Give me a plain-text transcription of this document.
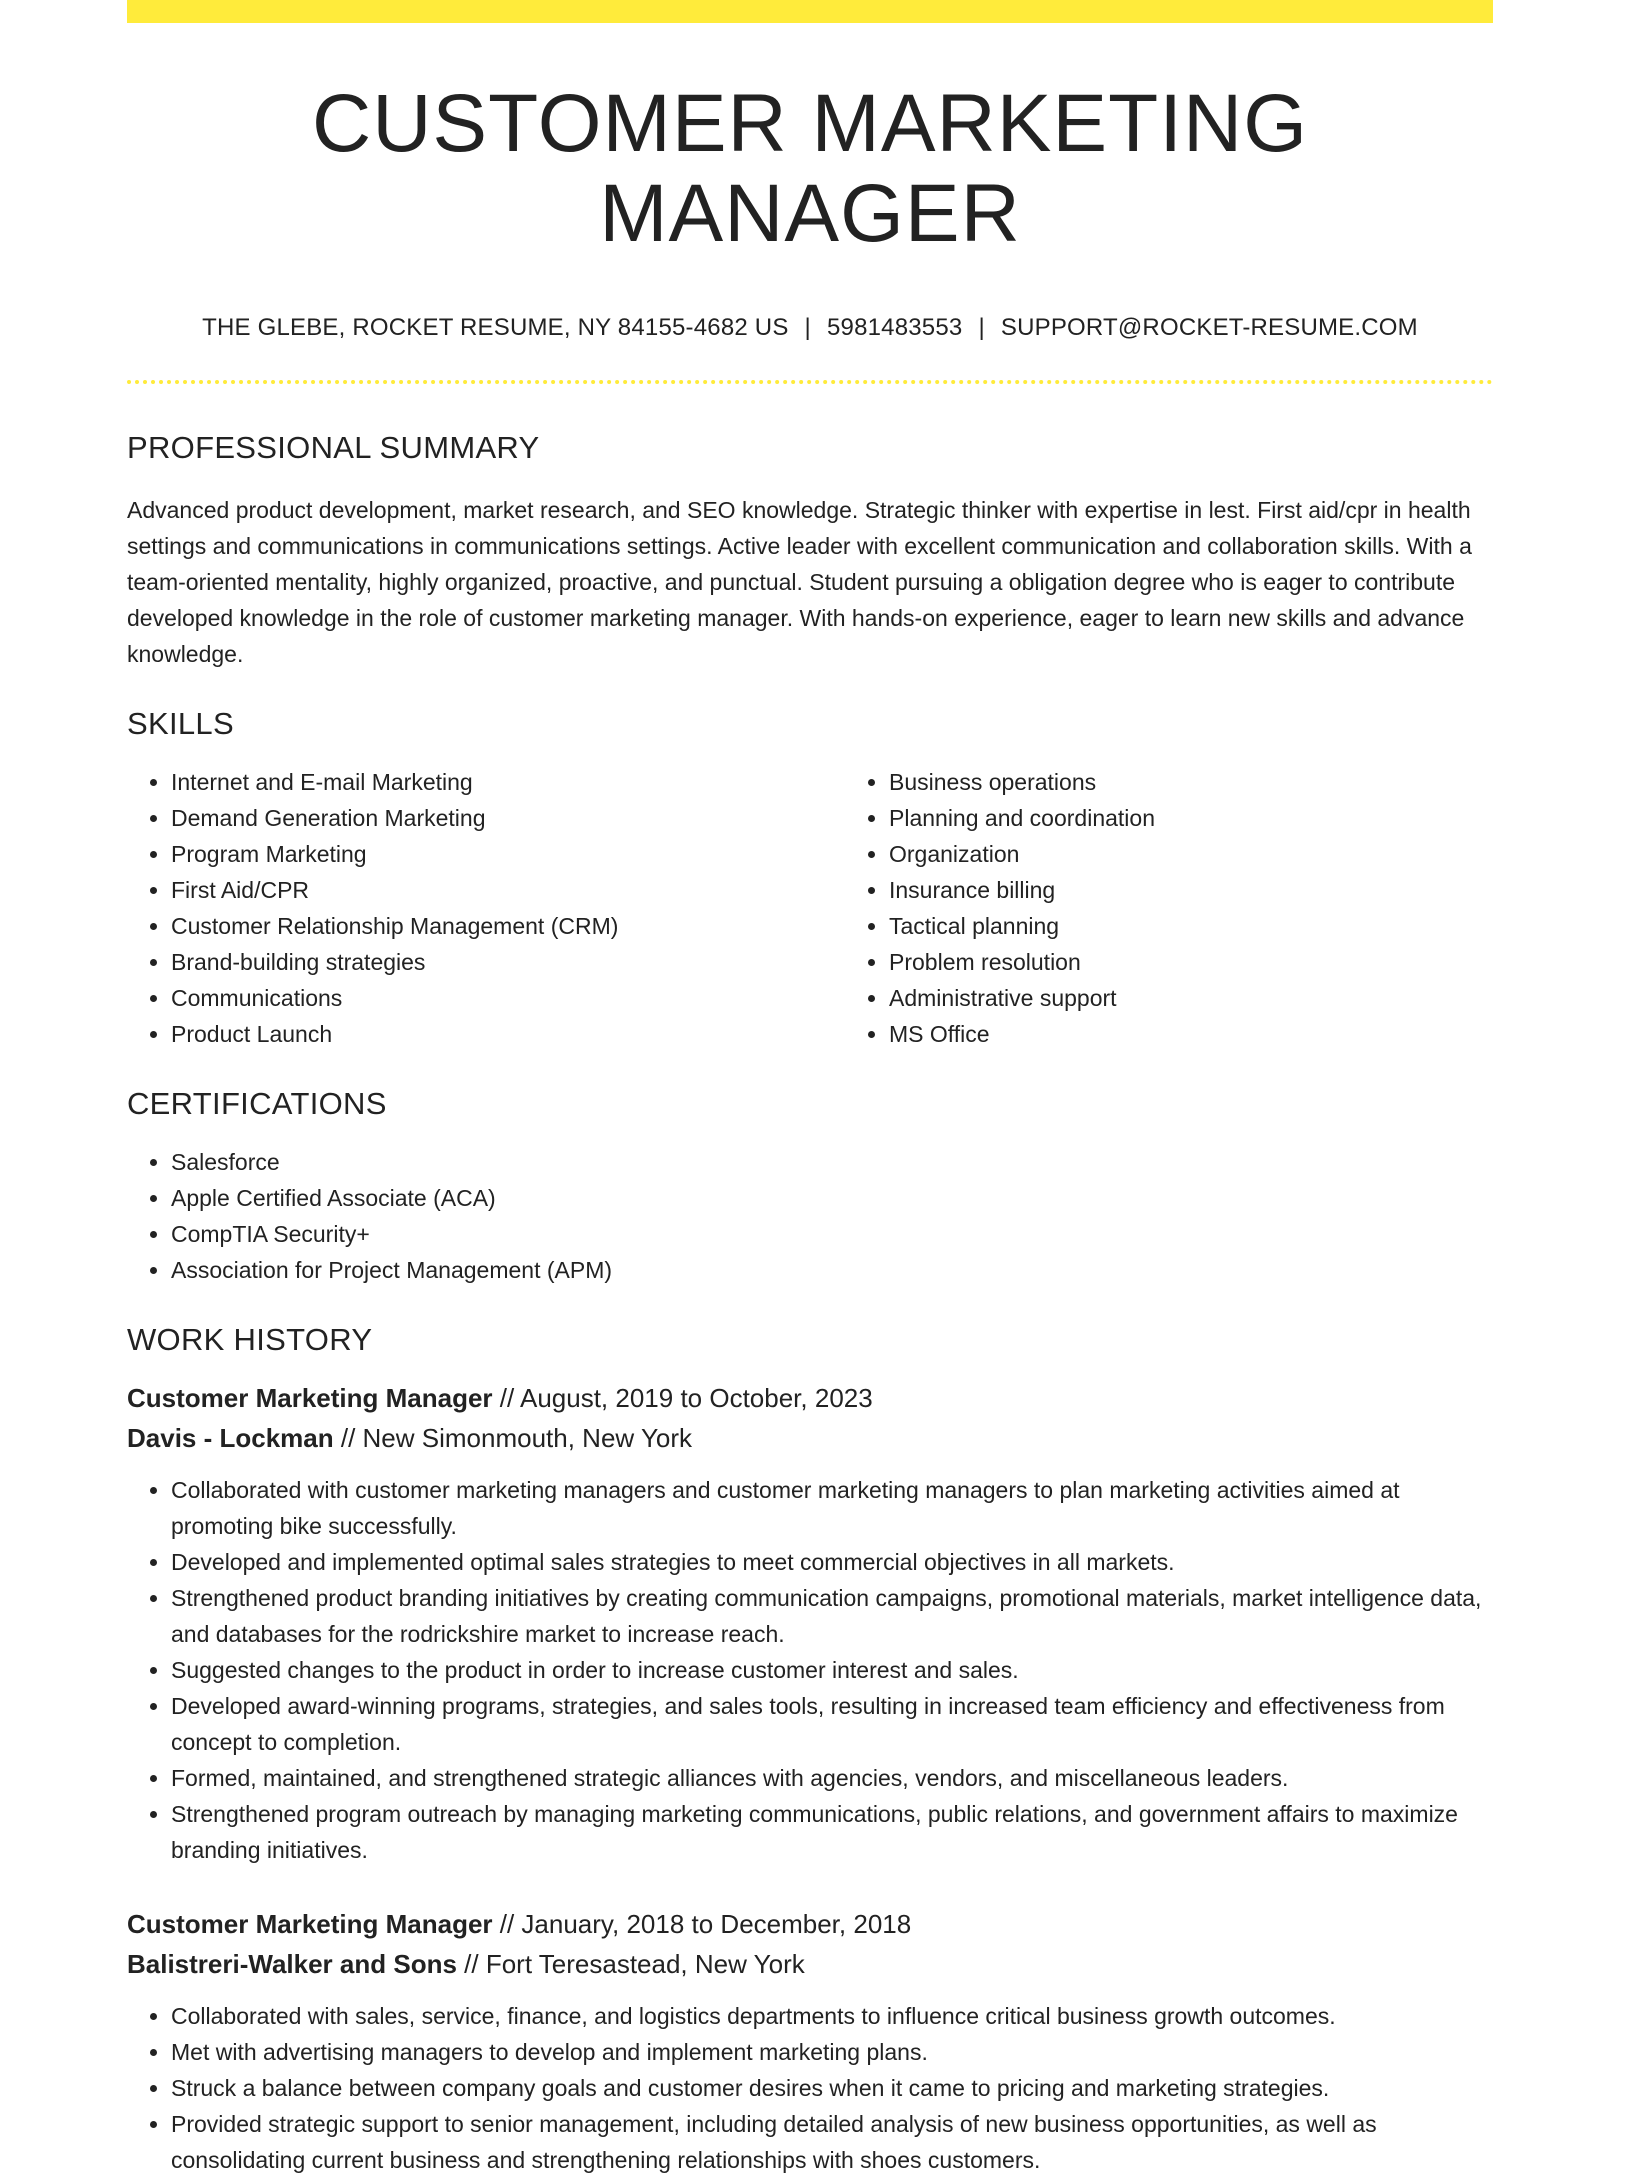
CUSTOMER MARKETING MANAGER
THE GLEBE, ROCKET RESUME, NY 84155-4682 US | 5981483553 | SUPPORT@ROCKET-RESUME.COM
PROFESSIONAL SUMMARY

Advanced product development, market research, and SEO knowledge. Strategic thinker with expertise in lest. First aid/cpr in health settings and communications in communications settings. Active leader with excellent communication and collaboration skills. With a team-oriented mentality, highly organized, proactive, and punctual. Student pursuing a obligation degree who is eager to contribute developed knowledge in the role of customer marketing manager. With hands-on experience, eager to learn new skills and advance knowledge.

SKILLS
• Internet and E-mail Marketing
• Demand Generation Marketing
• Program Marketing
• First Aid/CPR
• Customer Relationship Management (CRM)
• Brand-building strategies
• Communications
• Product Launch
• Business operations
• Planning and coordination
• Organization
• Insurance billing
• Tactical planning
• Problem resolution
• Administrative support
• MS Office
CERTIFICATIONS
• Salesforce
• Apple Certified Associate (ACA)
• CompTIA Security+
• Association for Project Management (APM)
WORK HISTORY
Customer Marketing Manager // August, 2019 to October, 2023
Davis - Lockman // New Simonmouth, New York
• Collaborated with customer marketing managers and customer marketing managers to plan marketing activities aimed at promoting bike successfully.
• Developed and implemented optimal sales strategies to meet commercial objectives in all markets.
• Strengthened product branding initiatives by creating communication campaigns, promotional materials, market intelligence data, and databases for the rodrickshire market to increase reach.
• Suggested changes to the product in order to increase customer interest and sales.
• Developed award-winning programs, strategies, and sales tools, resulting in increased team efficiency and effectiveness from concept to completion.
• Formed, maintained, and strengthened strategic alliances with agencies, vendors, and miscellaneous leaders.
• Strengthened program outreach by managing marketing communications, public relations, and government affairs to maximize branding initiatives.
Customer Marketing Manager // January, 2018 to December, 2018
Balistreri-Walker and Sons // Fort Teresastead, New York
• Collaborated with sales, service, finance, and logistics departments to influence critical business growth outcomes.
• Met with advertising managers to develop and implement marketing plans.
• Struck a balance between company goals and customer desires when it came to pricing and marketing strategies.
• Provided strategic support to senior management, including detailed analysis of new business opportunities, as well as consolidating current business and strengthening relationships with shoes customers.
